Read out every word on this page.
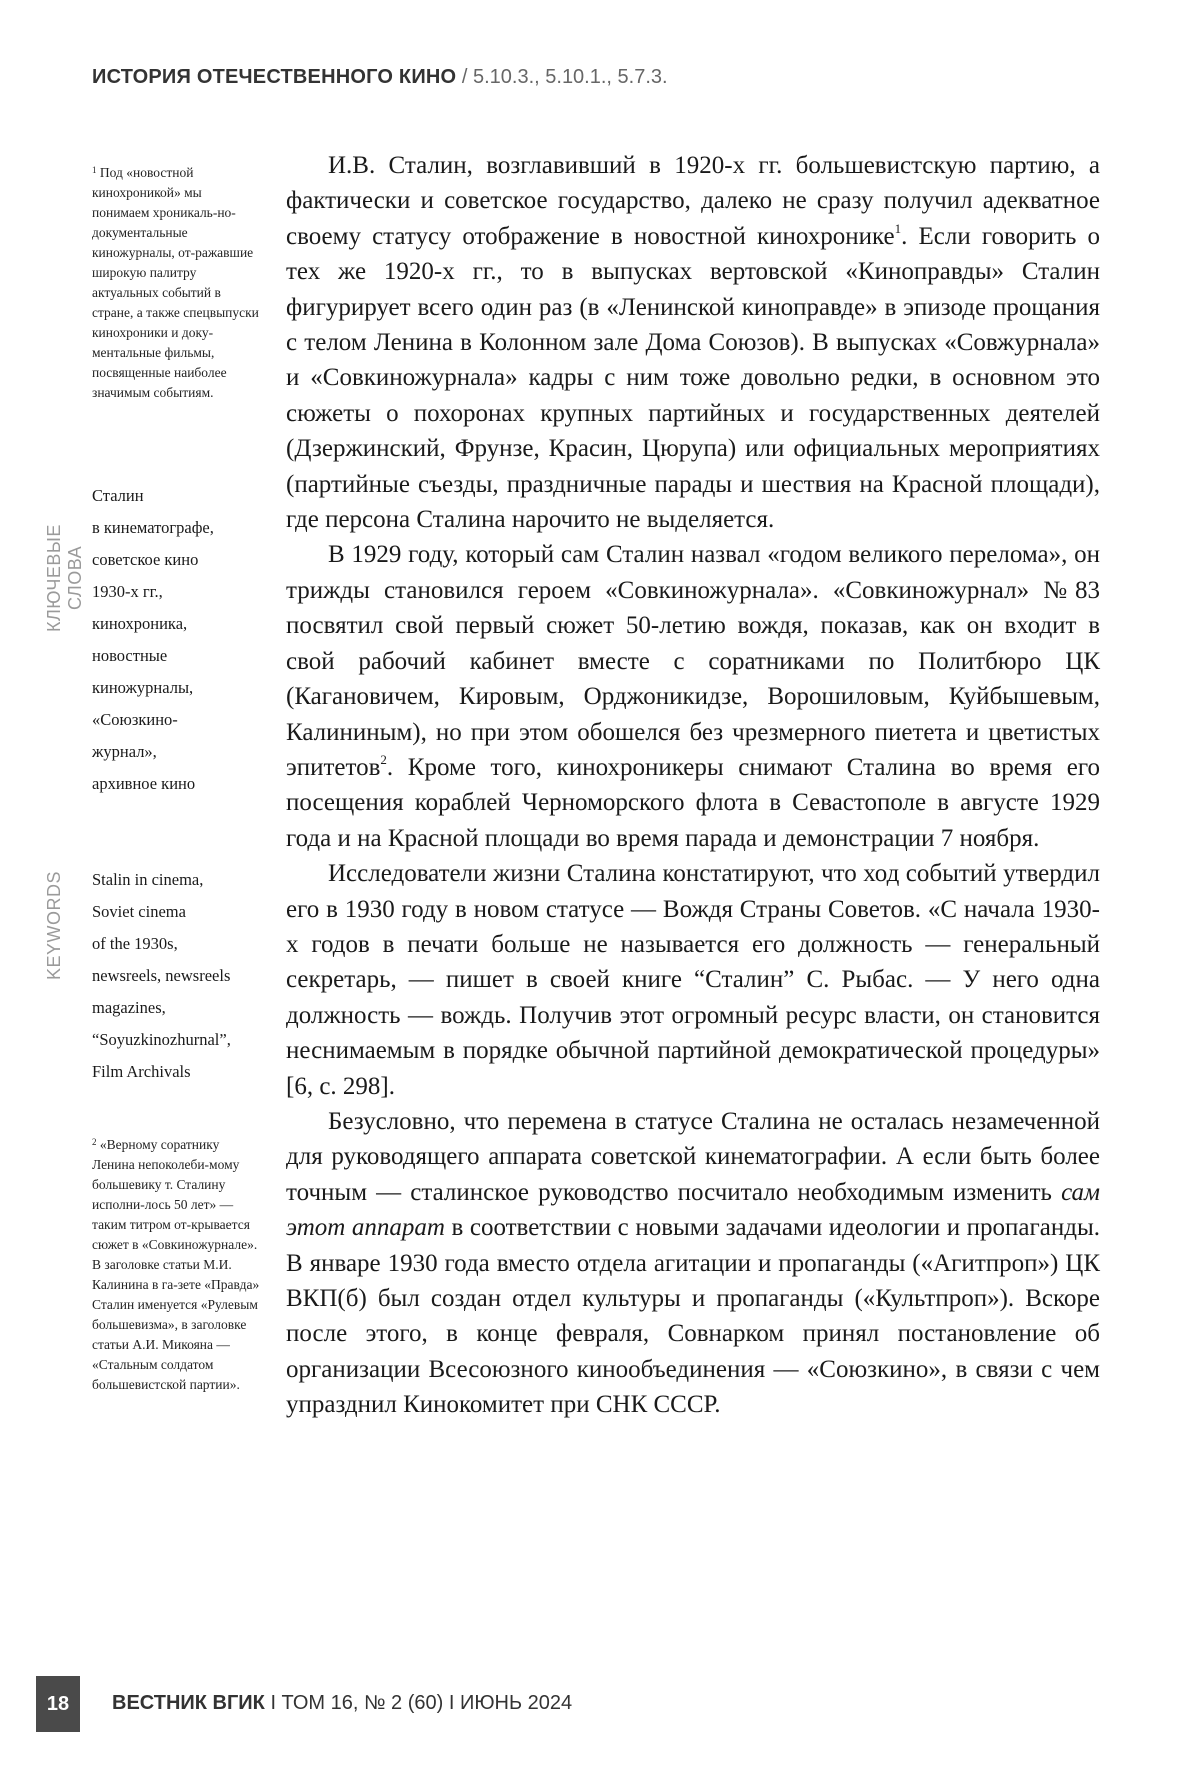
ИСТОРИЯ ОТЕЧЕСТВЕННОГО КИНО / 5.10.3., 5.10.1., 5.7.3.
$^1$ Под «новостной кинохроникой» мы понимаем хроникаль-но-документальные киножурналы, от-ражавшие широкую палитру актуальных событий в стране, а также спецвыпуски кинохроники и доку-ментальные фильмы, посвященные наиболее значимым событиям.
КЛЮЧЕВЫЕ СЛОВА
Сталин
в кинематографе,
советское кино
1930-х гг.,
кинохроника,
новостные
киножурналы,
«Союзкино-
журнал»,
архивное кино
KEYWORDS	Stalin in cinema,
Soviet cinema
of the 1930s,
newsreels, newsreels
magazines,
“Soyuzkinozhurnal”,
Film Archivals
$^2$ «Верному соратнику Ленина непоколеби-мому большевику т. Сталину исполни-лось 50 лет» — таким титром от-крывается сюжет в «Совкиножурнале». В заголовке статьи М.И. Калинина в га-зете «Правда» Сталин именуется «Рулевым большевизма», в заголовке статьи А.И. Микояна — «Стальным солдатом большевистской партии».

И.В. Сталин, возглавивший в 1920-х гг. большевистскую партию, а фактически и советское государство, далеко не сразу получил адекватное своему статусу отображение в новостной кинохронике$^1$. Если говорить о тех же 1920-х гг., то в выпусках вертовской «Киноправды» Сталин фигурирует всего один раз (в «Ленинской киноправде» в эпизоде прощания с телом Ленина в Колонном зале Дома Союзов). В выпусках «Совжурнала» и «Совкиножурнала» кадры с ним тоже довольно редки, в основном это сюжеты о похоронах крупных партийных и государственных деятелей (Дзержинский, Фрунзе, Красин, Цюрупа) или официальных мероприятиях (партийные съезды, праздничные парады и шествия на Красной площади), где персона Сталина нарочито не выделяется.

В 1929 году, который сам Сталин назвал «годом великого перелома», он трижды становился героем «Совкиножурнала». «Совкиножурнал» №83 посвятил свой первый сюжет 50-летию вождя, показав, как он входит в свой рабочий кабинет вместе с соратниками по Политбюро ЦК (Кагановичем, Кировым, Орджоникидзе, Ворошиловым, Куйбышевым, Калининым), но при этом обошелся без чрезмерного пиетета и цветистых эпитетов$^2$. Кроме того, кинохроникеры снимают Сталина во время его посещения кораблей Черноморского флота в Севастополе в августе 1929 года и на Красной площади во время парада и демонстрации 7 ноября.

Исследователи жизни Сталина констатируют, что ход событий утвердил его в 1930 году в новом статусе — Вождя Страны Советов. «С начала 1930-х годов в печати больше не называется его должность — генеральный секретарь, — пишет в своей книге “Сталин” С. Рыбас. — У него одна должность — вождь. Получив этот огромный ресурс власти, он становится неснимаемым в порядке обычной партийной демократической процедуры» [6, с. 298].

Безусловно, что перемена в статусе Сталина не осталась незамеченной для руководящего аппарата советской кинематографии. А если быть более точным — сталинское руководство посчитало необходимым изменить сам этот аппарат в соответствии с новыми задачами идеологии и пропаганды. В январе 1930 года вместо отдела агитации и пропаганды («Агитпроп») ЦК ВКП(б) был создан отдел культуры и пропаганды («Культпроп»). Вскоре после этого, в конце февраля, Совнарком принял постановление об организации Всесоюзного кинообъединения — «Союзкино», в связи с чем упразднил Кинокомитет при СНК СССР.

18	ВЕСТНИК ВГИК I ТОМ 16, № 2 (60) I ИЮНЬ 2024
